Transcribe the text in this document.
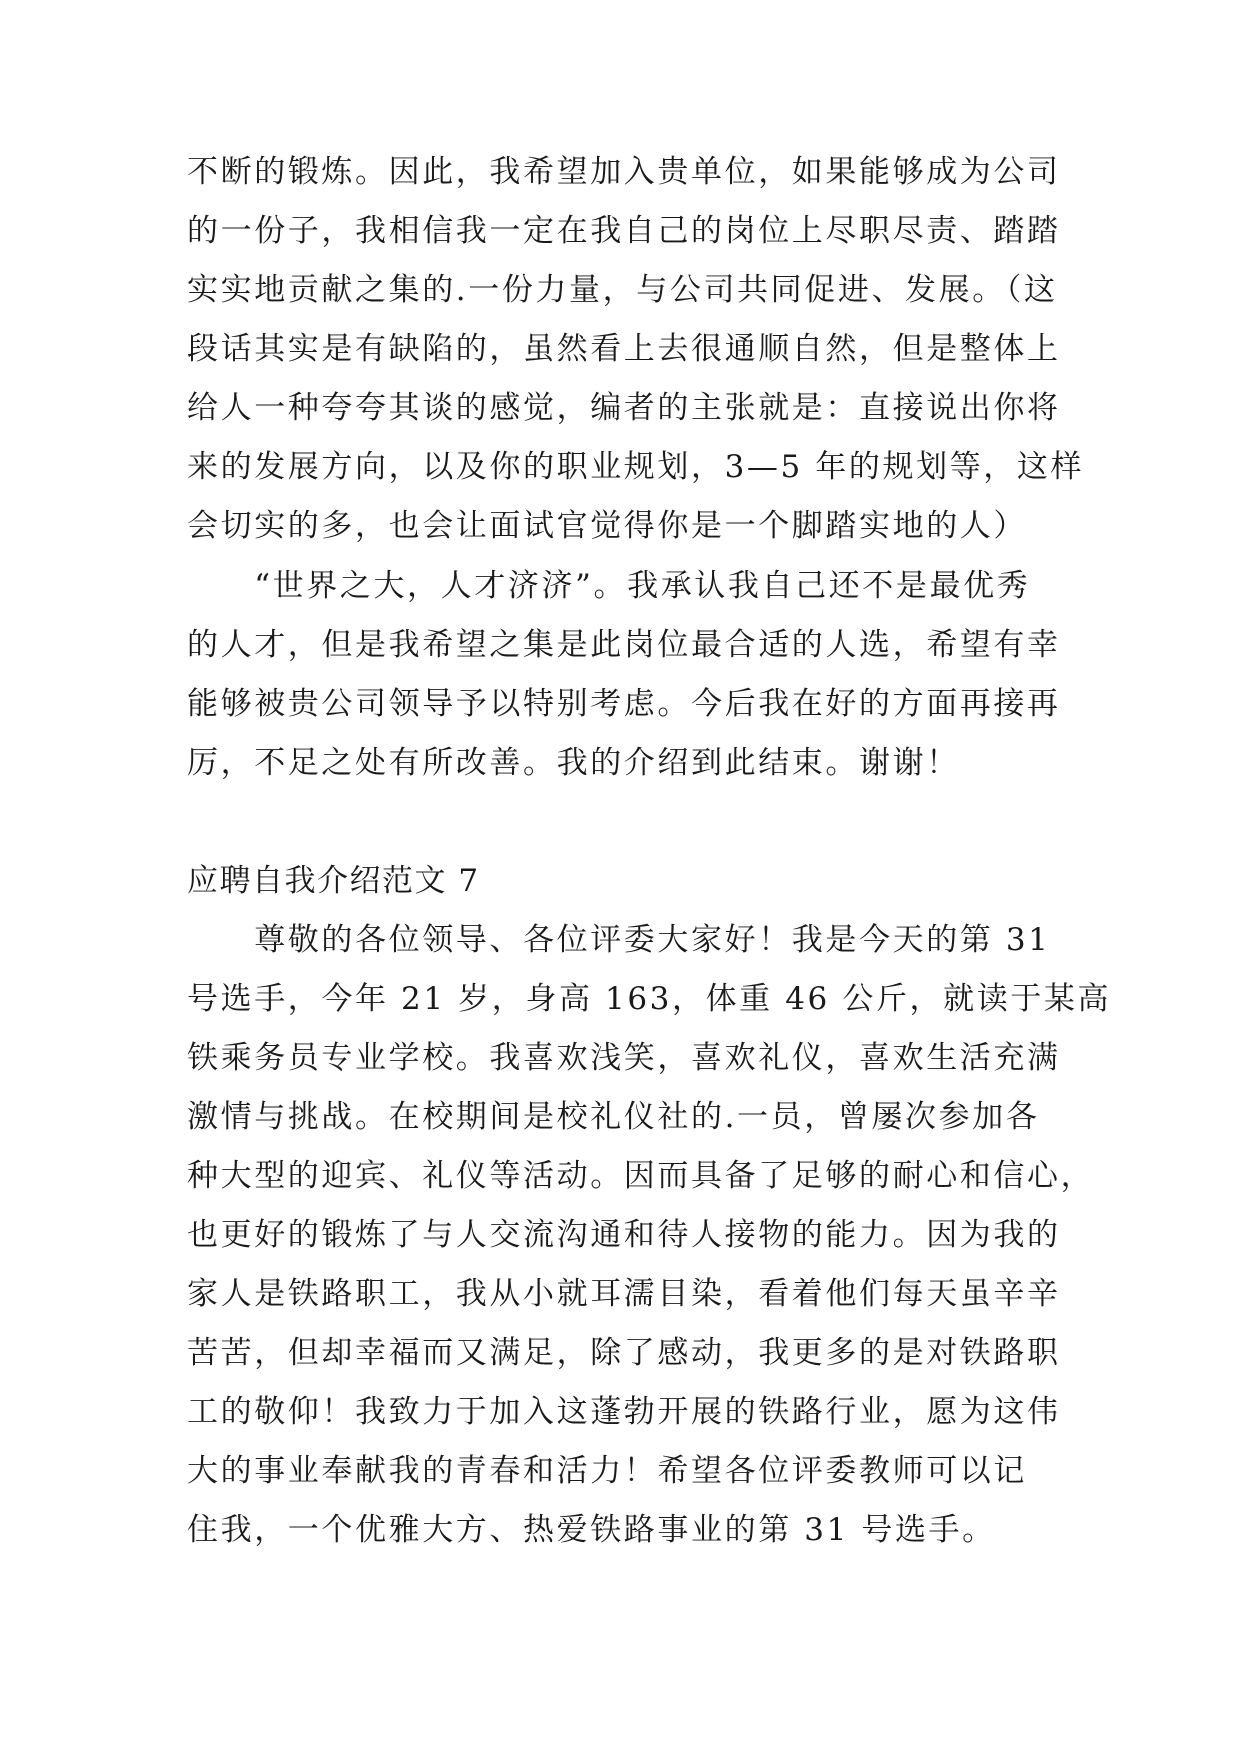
不断的锻炼。因此，我希望加入贵单位，如果能够成为公司
的一份子，我相信我一定在我自己的岗位上尽职尽责、踏踏
实实地贡献之集的.一份力量，与公司共同促进、发展。（这
段话其实是有缺陷的，虽然看上去很通顺自然，但是整体上
给人一种夸夸其谈的感觉，编者的主张就是：直接说出你将
来的发展方向，以及你的职业规划，3—5 年的规划等，这样
会切实的多，也会让面试官觉得你是一个脚踏实地的人）
　　“世界之大，人才济济”。我承认我自己还不是最优秀
的人才，但是我希望之集是此岗位最合适的人选，希望有幸
能够被贵公司领导予以特别考虑。今后我在好的方面再接再
厉，不足之处有所改善。我的介绍到此结束。谢谢！
应聘自我介绍范文 7
　　尊敬的各位领导、各位评委大家好！我是今天的第 31
号选手，今年 21 岁，身高 163，体重 46 公斤，就读于某高
铁乘务员专业学校。我喜欢浅笑，喜欢礼仪，喜欢生活充满
激情与挑战。在校期间是校礼仪社的.一员，曾屡次参加各
种大型的迎宾、礼仪等活动。因而具备了足够的耐心和信心，
也更好的锻炼了与人交流沟通和待人接物的能力。因为我的
家人是铁路职工，我从小就耳濡目染，看着他们每天虽辛辛
苦苦，但却幸福而又满足，除了感动，我更多的是对铁路职
工的敬仰！我致力于加入这蓬勃开展的铁路行业，愿为这伟
大的事业奉献我的青春和活力！希望各位评委教师可以记
住我，一个优雅大方、热爱铁路事业的第 31 号选手。
